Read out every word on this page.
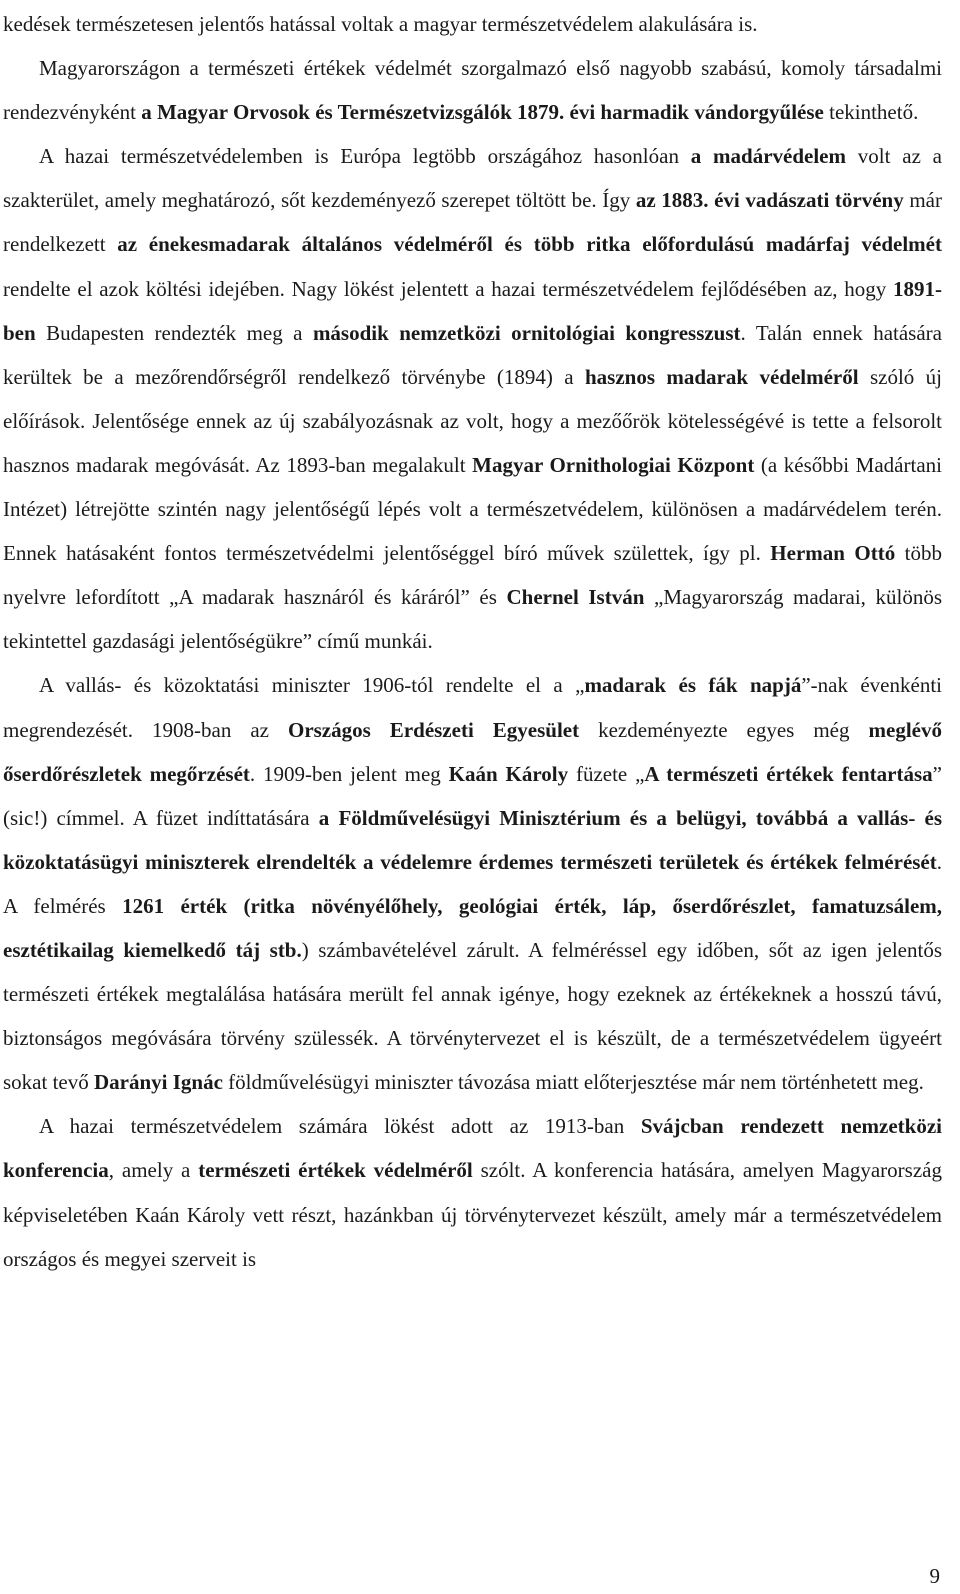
kedések természetesen jelentős hatással voltak a magyar természetvédelem alakulására is.

Magyarországon a természeti értékek védelmét szorgalmazó első nagyobb szabású, komoly társadalmi rendezvényként a Magyar Orvosok és Természetvizsgálók 1879. évi harmadik vándorgyűlése tekinthető.

A hazai természetvédelemben is Európa legtöbb országához hasonlóan a madárvédelem volt az a szakterület, amely meghatározó, sőt kezdeményező szerepet töltött be. Így az 1883. évi vadászati törvény már rendelkezett az énekesmadarak általános védelméről és több ritka előfordulású madárfaj védelmét rendelte el azok költési idejében. Nagy lökést jelentett a hazai természetvédelem fejlődésében az, hogy 1891-ben Budapesten rendezték meg a második nemzetközi ornitológiai kongresszust. Talán ennek hatására kerültek be a mezőrendőrségről rendelkező törvénybe (1894) a hasznos madarak védelméről szóló új előírások. Jelentősége ennek az új szabályozásnak az volt, hogy a mezőőrök kötelességévé is tette a felsorolt hasznos madarak megóvását. Az 1893-ban megalakult Magyar Ornithologiai Központ (a későbbi Madártani Intézet) létrejötte szintén nagy jelentőségű lépés volt a természetvédelem, különösen a madárvédelem terén. Ennek hatásaként fontos természetvédelmi jelentőséggel bíró művek születtek, így pl. Herman Ottó több nyelvre lefordított „A madarak hasznáról és káráról” és Chernel István „Magyarország madarai, különös tekintettel gazdasági jelentőségükre” című munkái.

A vallás- és közoktatási miniszter 1906-tól rendelte el a „madarak és fák napjá”-nak évenkénti megrendezését. 1908-ban az Országos Erdészeti Egyesület kezdeményezte egyes még meglévő őserdőrészletek megőrzését. 1909-ben jelent meg Kaán Károly füzete „A természeti értékek fentartása” (sic!) címmel. A füzet indíttatására a Földművelésügyi Minisztérium és a belügyi, továbbá a vallás- és közoktatásügyi miniszterek elrendelték a védelemre érdemes természeti területek és értékek felmérését. A felmérés 1261 érték (ritka növényélőhely, geológiai érték, láp, őserdőrészlet, famatuzsálem, esztétikailag kiemelkedő táj stb.) számbavételével zárult. A felméréssel egy időben, sőt az igen jelentős természeti értékek megtalálása hatására merült fel annak igénye, hogy ezeknek az értékeknek a hosszú távú, biztonságos megóvására törvény szülessék. A törvénytervezet el is készült, de a természetvédelem ügyeért sokat tevő Darányi Ignác földművelésügyi miniszter távozása miatt előterjesztése már nem történhetett meg.

A hazai természetvédelem számára lökést adott az 1913-ban Svájcban rendezett nemzetközi konferencia, amely a természeti értékek védelméről szólt. A konferencia hatására, amelyen Magyarország képviseletében Kaán Károly vett részt, hazánkban új törvénytervezet készült, amely már a természetvédelem országos és megyei szerveit is

9
